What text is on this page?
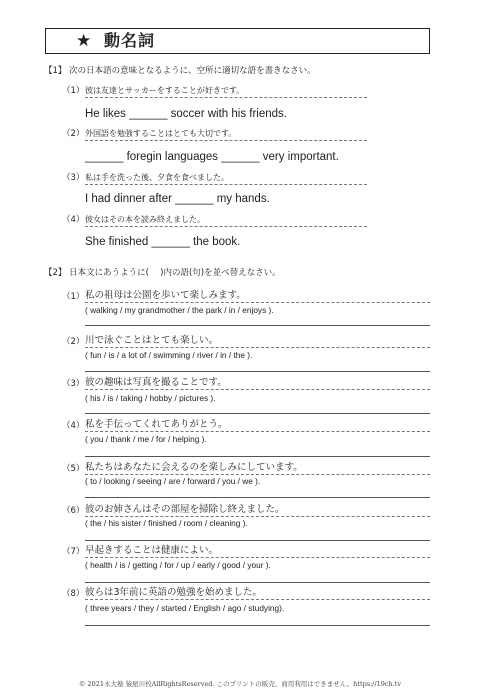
★ 動名詞
【1】 次の日本語の意味となるように、空所に適切な語を書きなさい。
（1） 彼は友達とサッカーをすることが好きです。
He likes ______ soccer with his friends.
（2） 外国語を勉強することはとても大切です。
______ foregin languages ______ very important.
（3） 私は手を洗った後、夕食を食べました。
I had dinner after ______ my hands.
（4） 彼女はその本を読み終えました。
She finished ______ the book.
【2】 日本文にあうように(　 )内の語(句)を並べ替えなさい。
（1） 私の祖母は公園を歩いて楽しみます。
( walking / my grandmother / the park / in / enjoys ).
（2） 川で泳ぐことはとても楽しい。
( fun / is / a lot of / swimming / river / in / the ).
（3） 彼の趣味は写真を撮ることです。
( his / is / taking / hobby / pictures ).
（4） 私を手伝ってくれてありがとう。
( you / thank / me / for / helping ).
（5） 私たちはあなたに会えるのを楽しみにしています。
( to / looking / seeing / are / forward / you / we ).
（6） 彼のお姉さんはその部屋を掃除し終えました。
( the / his sister / finished / room / cleaning ).
（7） 早起きすることは健康によい。
( health / is / getting / for / up / early / good / your ).
（8） 彼らは3年前に英語の勉強を始めました。
( three years / they / started / English / ago / studying).
© 2021永大塾 猿屋川校AllRightsReserved. このプリントの販売、商用利用はできません。https://19ch.tv
